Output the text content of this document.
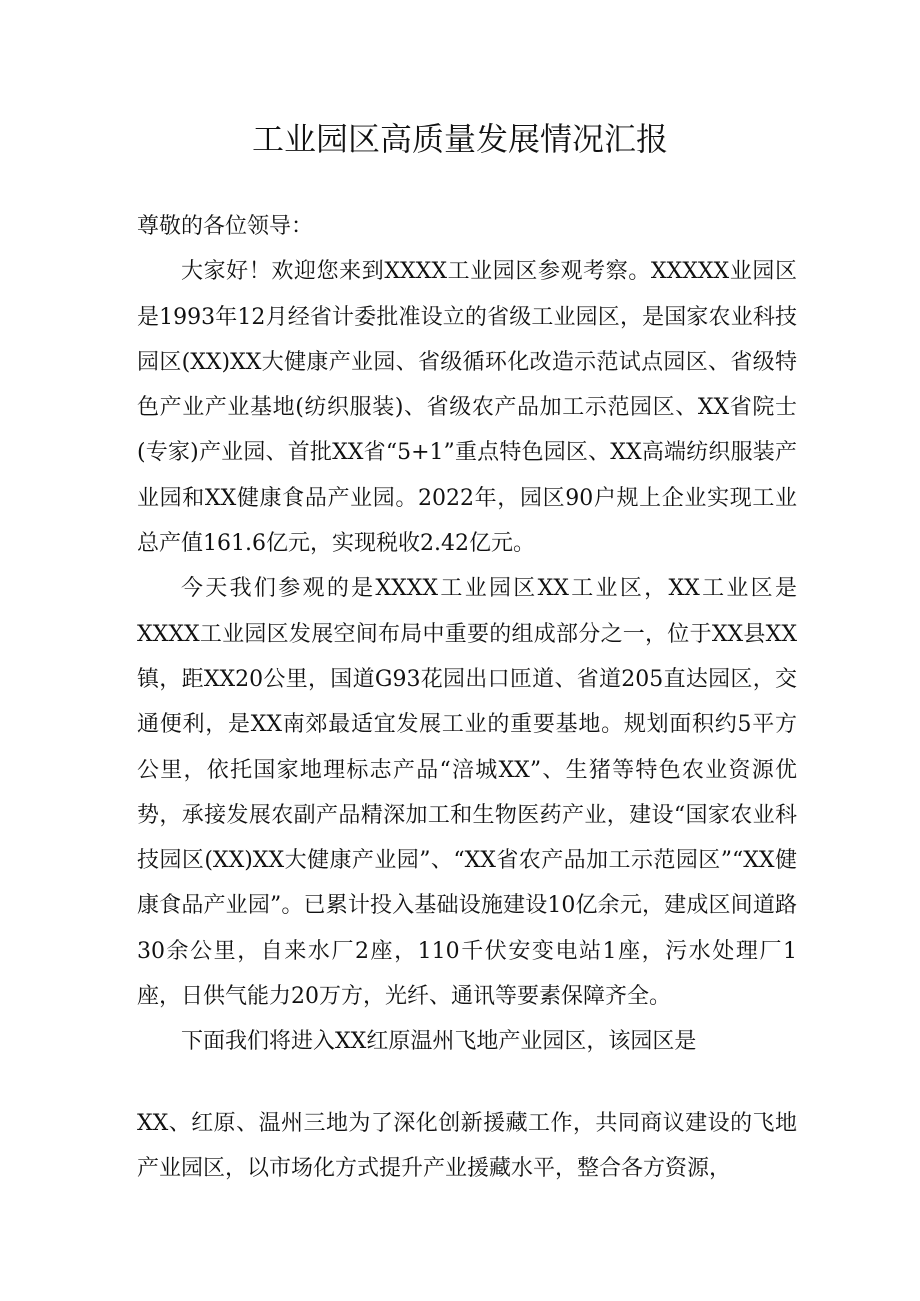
工业园区高质量发展情况汇报

尊敬的各位领导：

大家好！欢迎您来到XXXX工业园区参观考察。XXXXX业园区是1993年12月经省计委批准设立的省级工业园区，是国家农业科技园区(XX)XX大健康产业园、省级循环化改造示范试点园区、省级特色产业产业基地(纺织服装)、省级农产品加工示范园区、XX省院士(专家)产业园、首批XX省“5+1”重点特色园区、XX高端纺织服装产业园和XX健康食品产业园。2022年，园区90户规上企业实现工业总产值161.6亿元，实现税收2.42亿元。

今天我们参观的是XXXX工业园区XX工业区，XX工业区是XXXX工业园区发展空间布局中重要的组成部分之一，位于XX县XX镇，距XX20公里，国道G93花园出口匝道、省道205直达园区，交通便利，是XX南郊最适宜发展工业的重要基地。规划面积约5平方公里，依托国家地理标志产品“涪城XX”、生猪等特色农业资源优势，承接发展农副产品精深加工和生物医药产业，建设“国家农业科技园区(XX)XX大健康产业园”、“XX省农产品加工示范园区”“XX健康食品产业园”。已累计投入基础设施建设10亿余元，建成区间道路30余公里，自来水厂2座，110千伏安变电站1座，污水处理厂1座，日供气能力20万方，光纤、通讯等要素保障齐全。

下面我们将进入XX红原温州飞地产业园区，该园区是

XX、红原、温州三地为了深化创新援藏工作，共同商议建设的飞地产业园区，以市场化方式提升产业援藏水平，整合各方资源，
